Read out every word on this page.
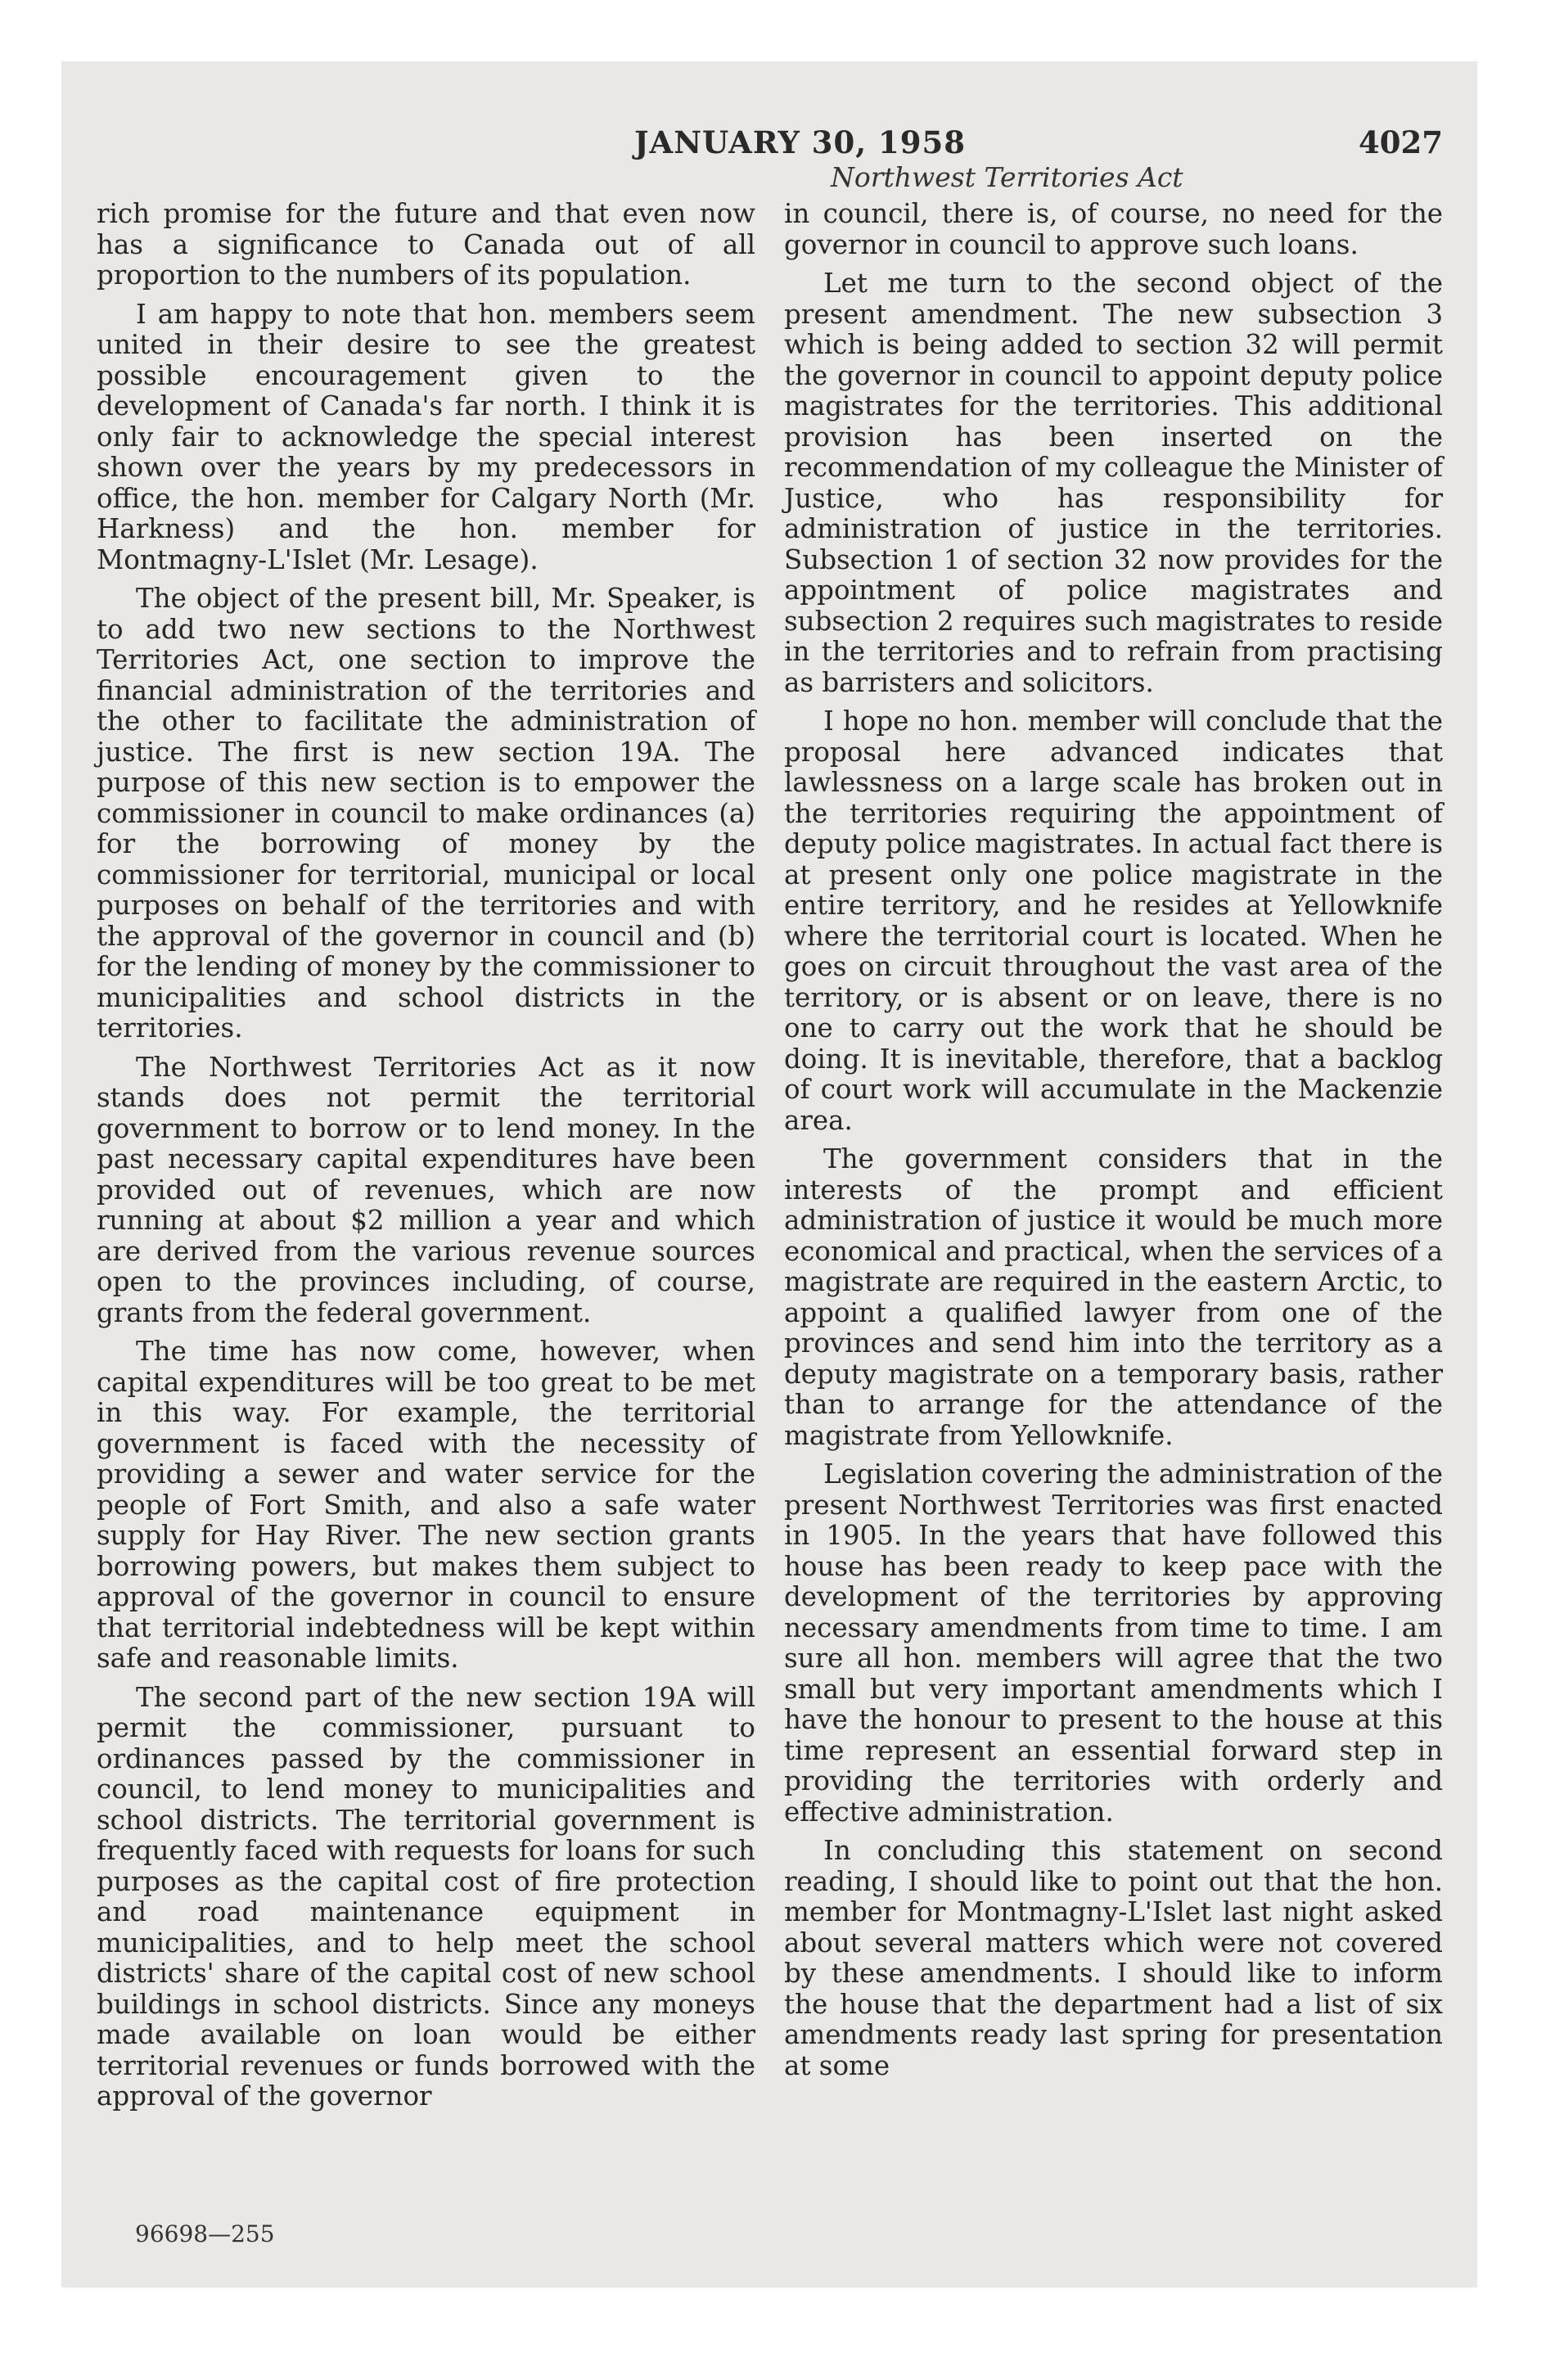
JANUARY 30, 1958	4027
Northwest Territories Act

rich promise for the future and that even now has a significance to Canada out of all proportion to the numbers of its population.

I am happy to note that hon. members seem united in their desire to see the greatest possible encouragement given to the development of Canada's far north. I think it is only fair to acknowledge the special interest shown over the years by my predecessors in office, the hon. member for Calgary North (Mr. Harkness) and the hon. member for Montmagny-L'Islet (Mr. Lesage).

The object of the present bill, Mr. Speaker, is to add two new sections to the Northwest Territories Act, one section to improve the financial administration of the territories and the other to facilitate the administration of justice. The first is new section 19A. The purpose of this new section is to empower the commissioner in council to make ordinances (a) for the borrowing of money by the commissioner for territorial, municipal or local purposes on behalf of the territories and with the approval of the governor in council and (b) for the lending of money by the commissioner to municipalities and school districts in the territories.

The Northwest Territories Act as it now stands does not permit the territorial government to borrow or to lend money. In the past necessary capital expenditures have been provided out of revenues, which are now running at about $2 million a year and which are derived from the various revenue sources open to the provinces including, of course, grants from the federal government.

The time has now come, however, when capital expenditures will be too great to be met in this way. For example, the territorial government is faced with the necessity of providing a sewer and water service for the people of Fort Smith, and also a safe water supply for Hay River. The new section grants borrowing powers, but makes them subject to approval of the governor in council to ensure that territorial indebtedness will be kept within safe and reasonable limits.

The second part of the new section 19A will permit the commissioner, pursuant to ordinances passed by the commissioner in council, to lend money to municipalities and school districts. The territorial government is frequently faced with requests for loans for such purposes as the capital cost of fire protection and road maintenance equipment in municipalities, and to help meet the school districts' share of the capital cost of new school buildings in school districts. Since any moneys made available on loan would be either territorial revenues or funds borrowed with the approval of the governor

in council, there is, of course, no need for the governor in council to approve such loans.

Let me turn to the second object of the present amendment. The new subsection 3 which is being added to section 32 will permit the governor in council to appoint deputy police magistrates for the territories. This additional provision has been inserted on the recommendation of my colleague the Minister of Justice, who has responsibility for administration of justice in the territories. Subsection 1 of section 32 now provides for the appointment of police magistrates and subsection 2 requires such magistrates to reside in the territories and to refrain from practising as barristers and solicitors.

I hope no hon. member will conclude that the proposal here advanced indicates that lawlessness on a large scale has broken out in the territories requiring the appointment of deputy police magistrates. In actual fact there is at present only one police magistrate in the entire territory, and he resides at Yellowknife where the territorial court is located. When he goes on circuit throughout the vast area of the territory, or is absent or on leave, there is no one to carry out the work that he should be doing. It is inevitable, therefore, that a backlog of court work will accumulate in the Mackenzie area.

The government considers that in the interests of the prompt and efficient administration of justice it would be much more economical and practical, when the services of a magistrate are required in the eastern Arctic, to appoint a qualified lawyer from one of the provinces and send him into the territory as a deputy magistrate on a temporary basis, rather than to arrange for the attendance of the magistrate from Yellowknife.

Legislation covering the administration of the present Northwest Territories was first enacted in 1905. In the years that have followed this house has been ready to keep pace with the development of the territories by approving necessary amendments from time to time. I am sure all hon. members will agree that the two small but very important amendments which I have the honour to present to the house at this time represent an essential forward step in providing the territories with orderly and effective administration.

In concluding this statement on second reading, I should like to point out that the hon. member for Montmagny-L'Islet last night asked about several matters which were not covered by these amendments. I should like to inform the house that the department had a list of six amendments ready last spring for presentation at some

96698—255
